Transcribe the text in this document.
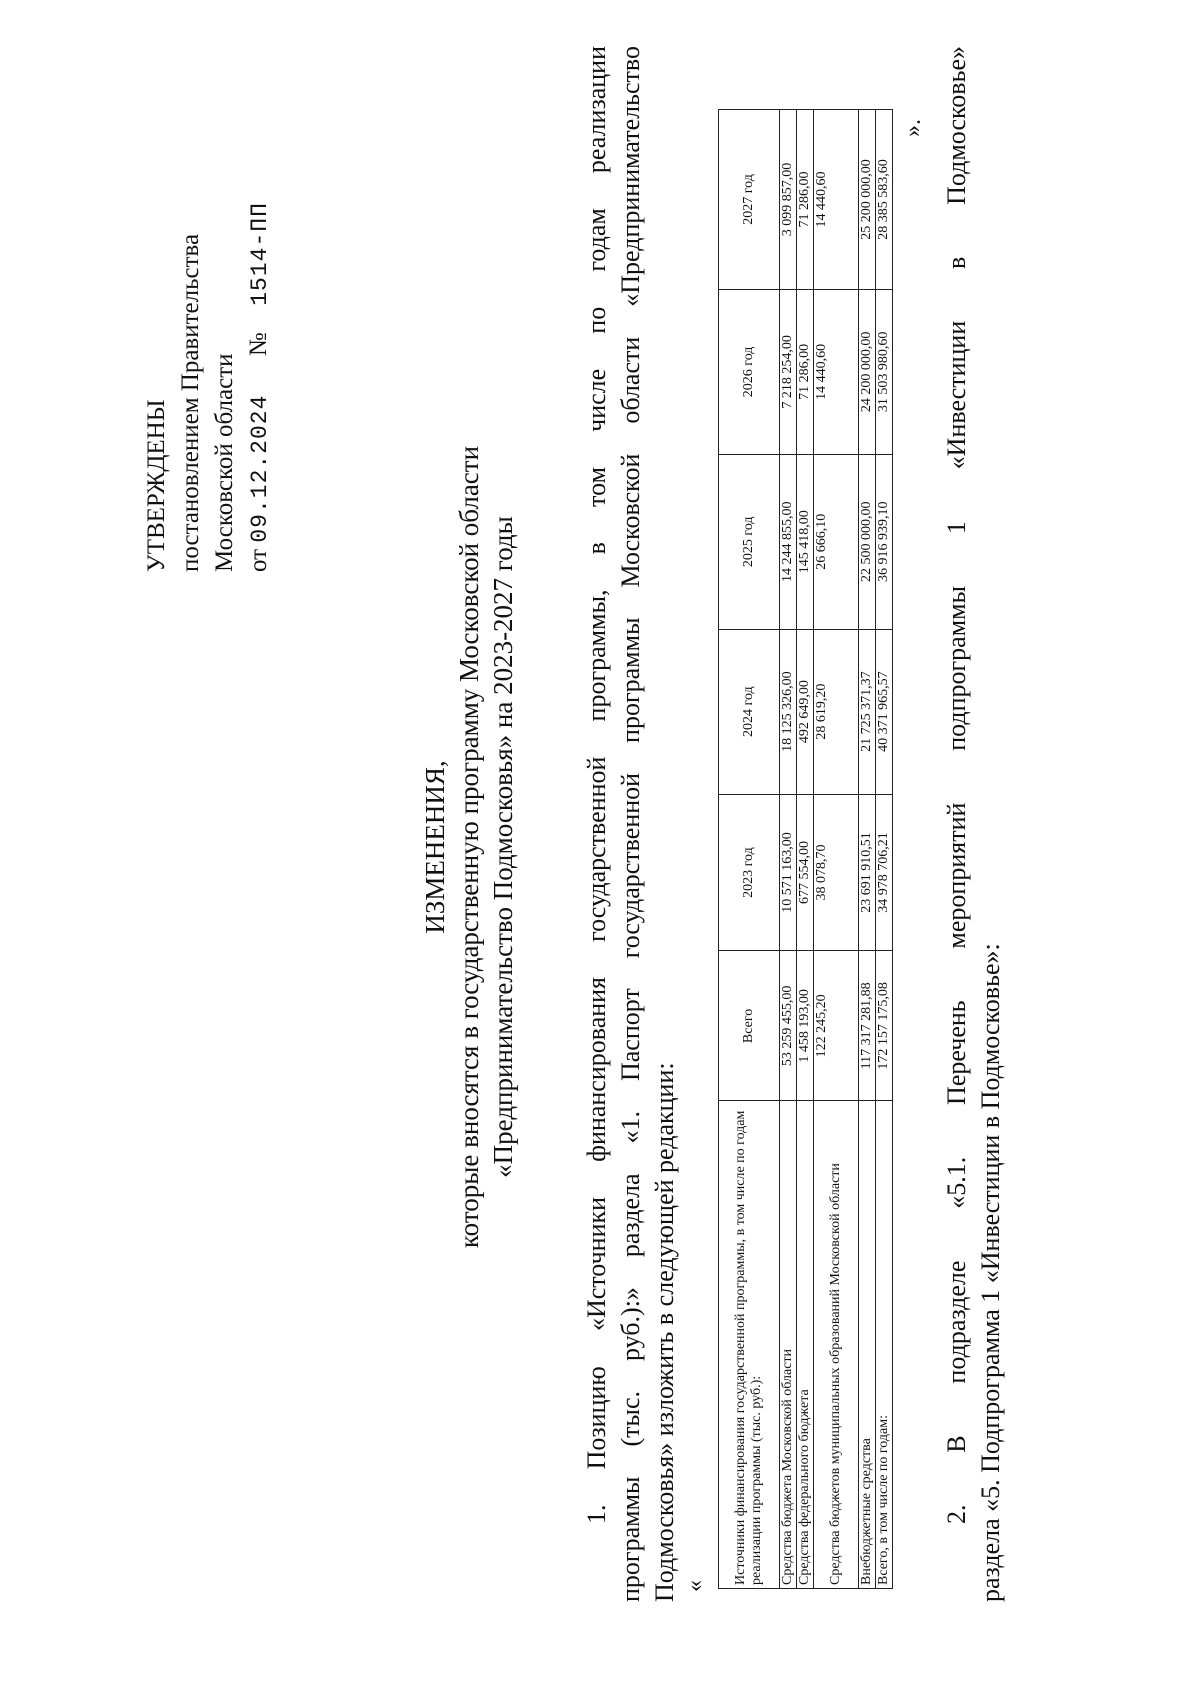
УТВЕРЖДЕНЫ постановлением Правительства Московской области от 09.12.2024  №  1514-ПП
ИЗМЕНЕНИЯ, которые вносятся в государственную программу Московской области «Предпринимательство Подмосковья» на 2023-2027 годы 1. Позицию «Источники финансирования государственной программы, в том числе по годам реализации программы (тыс. руб.):» раздела «1. Паспорт государственной программы Московской области «Предпринимательство Подмосковья» изложить в следующей редакции: «
Источники финансирования государственной программы, в том числе по годам реализации программы (тыс. руб.):	Всего	2023 год	2024 год	2025 год	2026 год	2027 год
Средства бюджета Московской области	53 259 455,00	10 571 163,00	18 125 326,00	14 244 855,00	7 218 254,00	3 099 857,00
Средства федерального бюджета	1 458 193,00	677 554,00	492 649,00	145 418,00	71 286,00	71 286,00
Средства бюджетов муниципальных образований Московской области	122 245,20	38 078,70	28 619,20	26 666,10	14 440,60	14 440,60
Внебюджетные средства	117 317 281,88	23 691 910,51	21 725 371,37	22 500 000,00	24 200 000,00	25 200 000,00
Всего, в том числе по годам:	172 157 175,08	34 978 706,21	40 371 965,57	36 916 939,10	31 503 980,60	28 385 583,60
». 2. В подразделе «5.1. Перечень мероприятий подпрограммы 1 «Инвестиции в Подмосковье» раздела «5. Подпрограмма 1 «Инвестиции в Подмосковье»:
